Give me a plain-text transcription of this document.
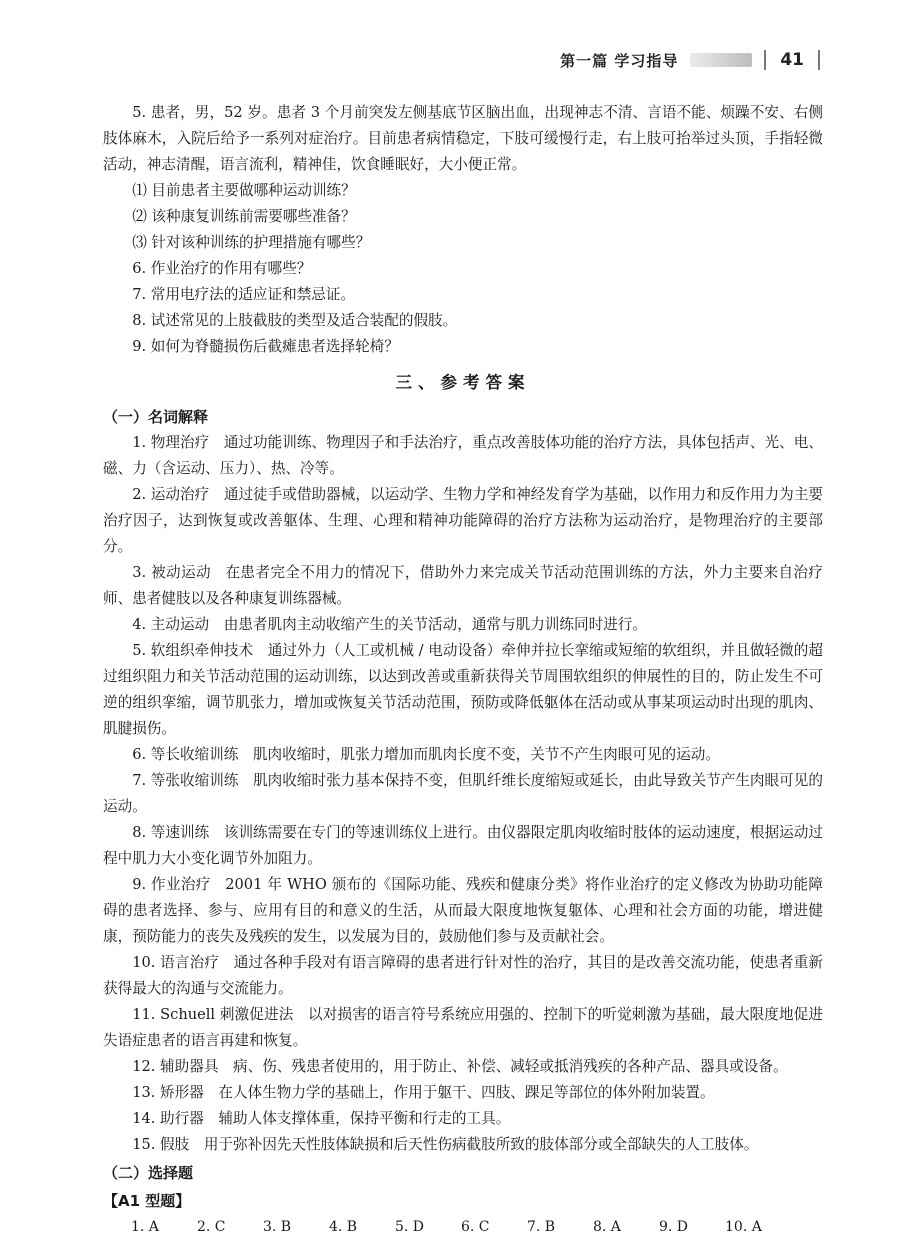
第一篇 学习指导	41

5. 患者，男，52 岁。患者 3 个月前突发左侧基底节区脑出血，出现神志不清、言语不能、烦躁不安、右侧肢体麻木，入院后给予一系列对症治疗。目前患者病情稳定，下肢可缓慢行走，右上肢可抬举过头顶，手指轻微活动，神志清醒，语言流利，精神佳，饮食睡眠好，大小便正常。

⑴ 目前患者主要做哪种运动训练？

⑵ 该种康复训练前需要哪些准备？

⑶ 针对该种训练的护理措施有哪些？

6. 作业治疗的作用有哪些？

7. 常用电疗法的适应证和禁忌证。

8. 试述常见的上肢截肢的类型及适合装配的假肢。

9. 如何为脊髓损伤后截瘫患者选择轮椅？

三、参考答案
（一）名词解释

1. 物理治疗 通过功能训练、物理因子和手法治疗，重点改善肢体功能的治疗方法，具体包括声、光、电、磁、力（含运动、压力）、热、冷等。

2. 运动治疗 通过徒手或借助器械，以运动学、生物力学和神经发育学为基础，以作用力和反作用力为主要治疗因子，达到恢复或改善躯体、生理、心理和精神功能障碍的治疗方法称为运动治疗，是物理治疗的主要部分。

3. 被动运动 在患者完全不用力的情况下，借助外力来完成关节活动范围训练的方法，外力主要来自治疗师、患者健肢以及各种康复训练器械。

4. 主动运动 由患者肌肉主动收缩产生的关节活动，通常与肌力训练同时进行。

5. 软组织牵伸技术 通过外力（人工或机械 / 电动设备）牵伸并拉长挛缩或短缩的软组织，并且做轻微的超过组织阻力和关节活动范围的运动训练，以达到改善或重新获得关节周围软组织的伸展性的目的，防止发生不可逆的组织挛缩，调节肌张力，增加或恢复关节活动范围，预防或降低躯体在活动或从事某项运动时出现的肌肉、肌腱损伤。

6. 等长收缩训练 肌肉收缩时，肌张力增加而肌肉长度不变，关节不产生肉眼可见的运动。

7. 等张收缩训练 肌肉收缩时张力基本保持不变，但肌纤维长度缩短或延长，由此导致关节产生肉眼可见的运动。

8. 等速训练 该训练需要在专门的等速训练仪上进行。由仪器限定肌肉收缩时肢体的运动速度，根据运动过程中肌力大小变化调节外加阻力。

9. 作业治疗 2001 年 WHO 颁布的《国际功能、残疾和健康分类》将作业治疗的定义修改为协助功能障碍的患者选择、参与、应用有目的和意义的生活，从而最大限度地恢复躯体、心理和社会方面的功能，增进健康，预防能力的丧失及残疾的发生，以发展为目的，鼓励他们参与及贡献社会。

10. 语言治疗 通过各种手段对有语言障碍的患者进行针对性的治疗，其目的是改善交流功能，使患者重新获得最大的沟通与交流能力。

11. Schuell 刺激促进法 以对损害的语言符号系统应用强的、控制下的听觉刺激为基础，最大限度地促进失语症患者的语言再建和恢复。

12. 辅助器具 病、伤、残患者使用的，用于防止、补偿、减轻或抵消残疾的各种产品、器具或设备。

13. 矫形器 在人体生物力学的基础上，作用于躯干、四肢、踝足等部位的体外附加装置。

14. 助行器 辅助人体支撑体重，保持平衡和行走的工具。

15. 假肢 用于弥补因先天性肢体缺损和后天性伤病截肢所致的肢体部分或全部缺失的人工肢体。

（二）选择题
【A1 型题】
1. A	2. C	3. B	4. B	5. D	6. C	7. B	8. A	9. D	10. A
